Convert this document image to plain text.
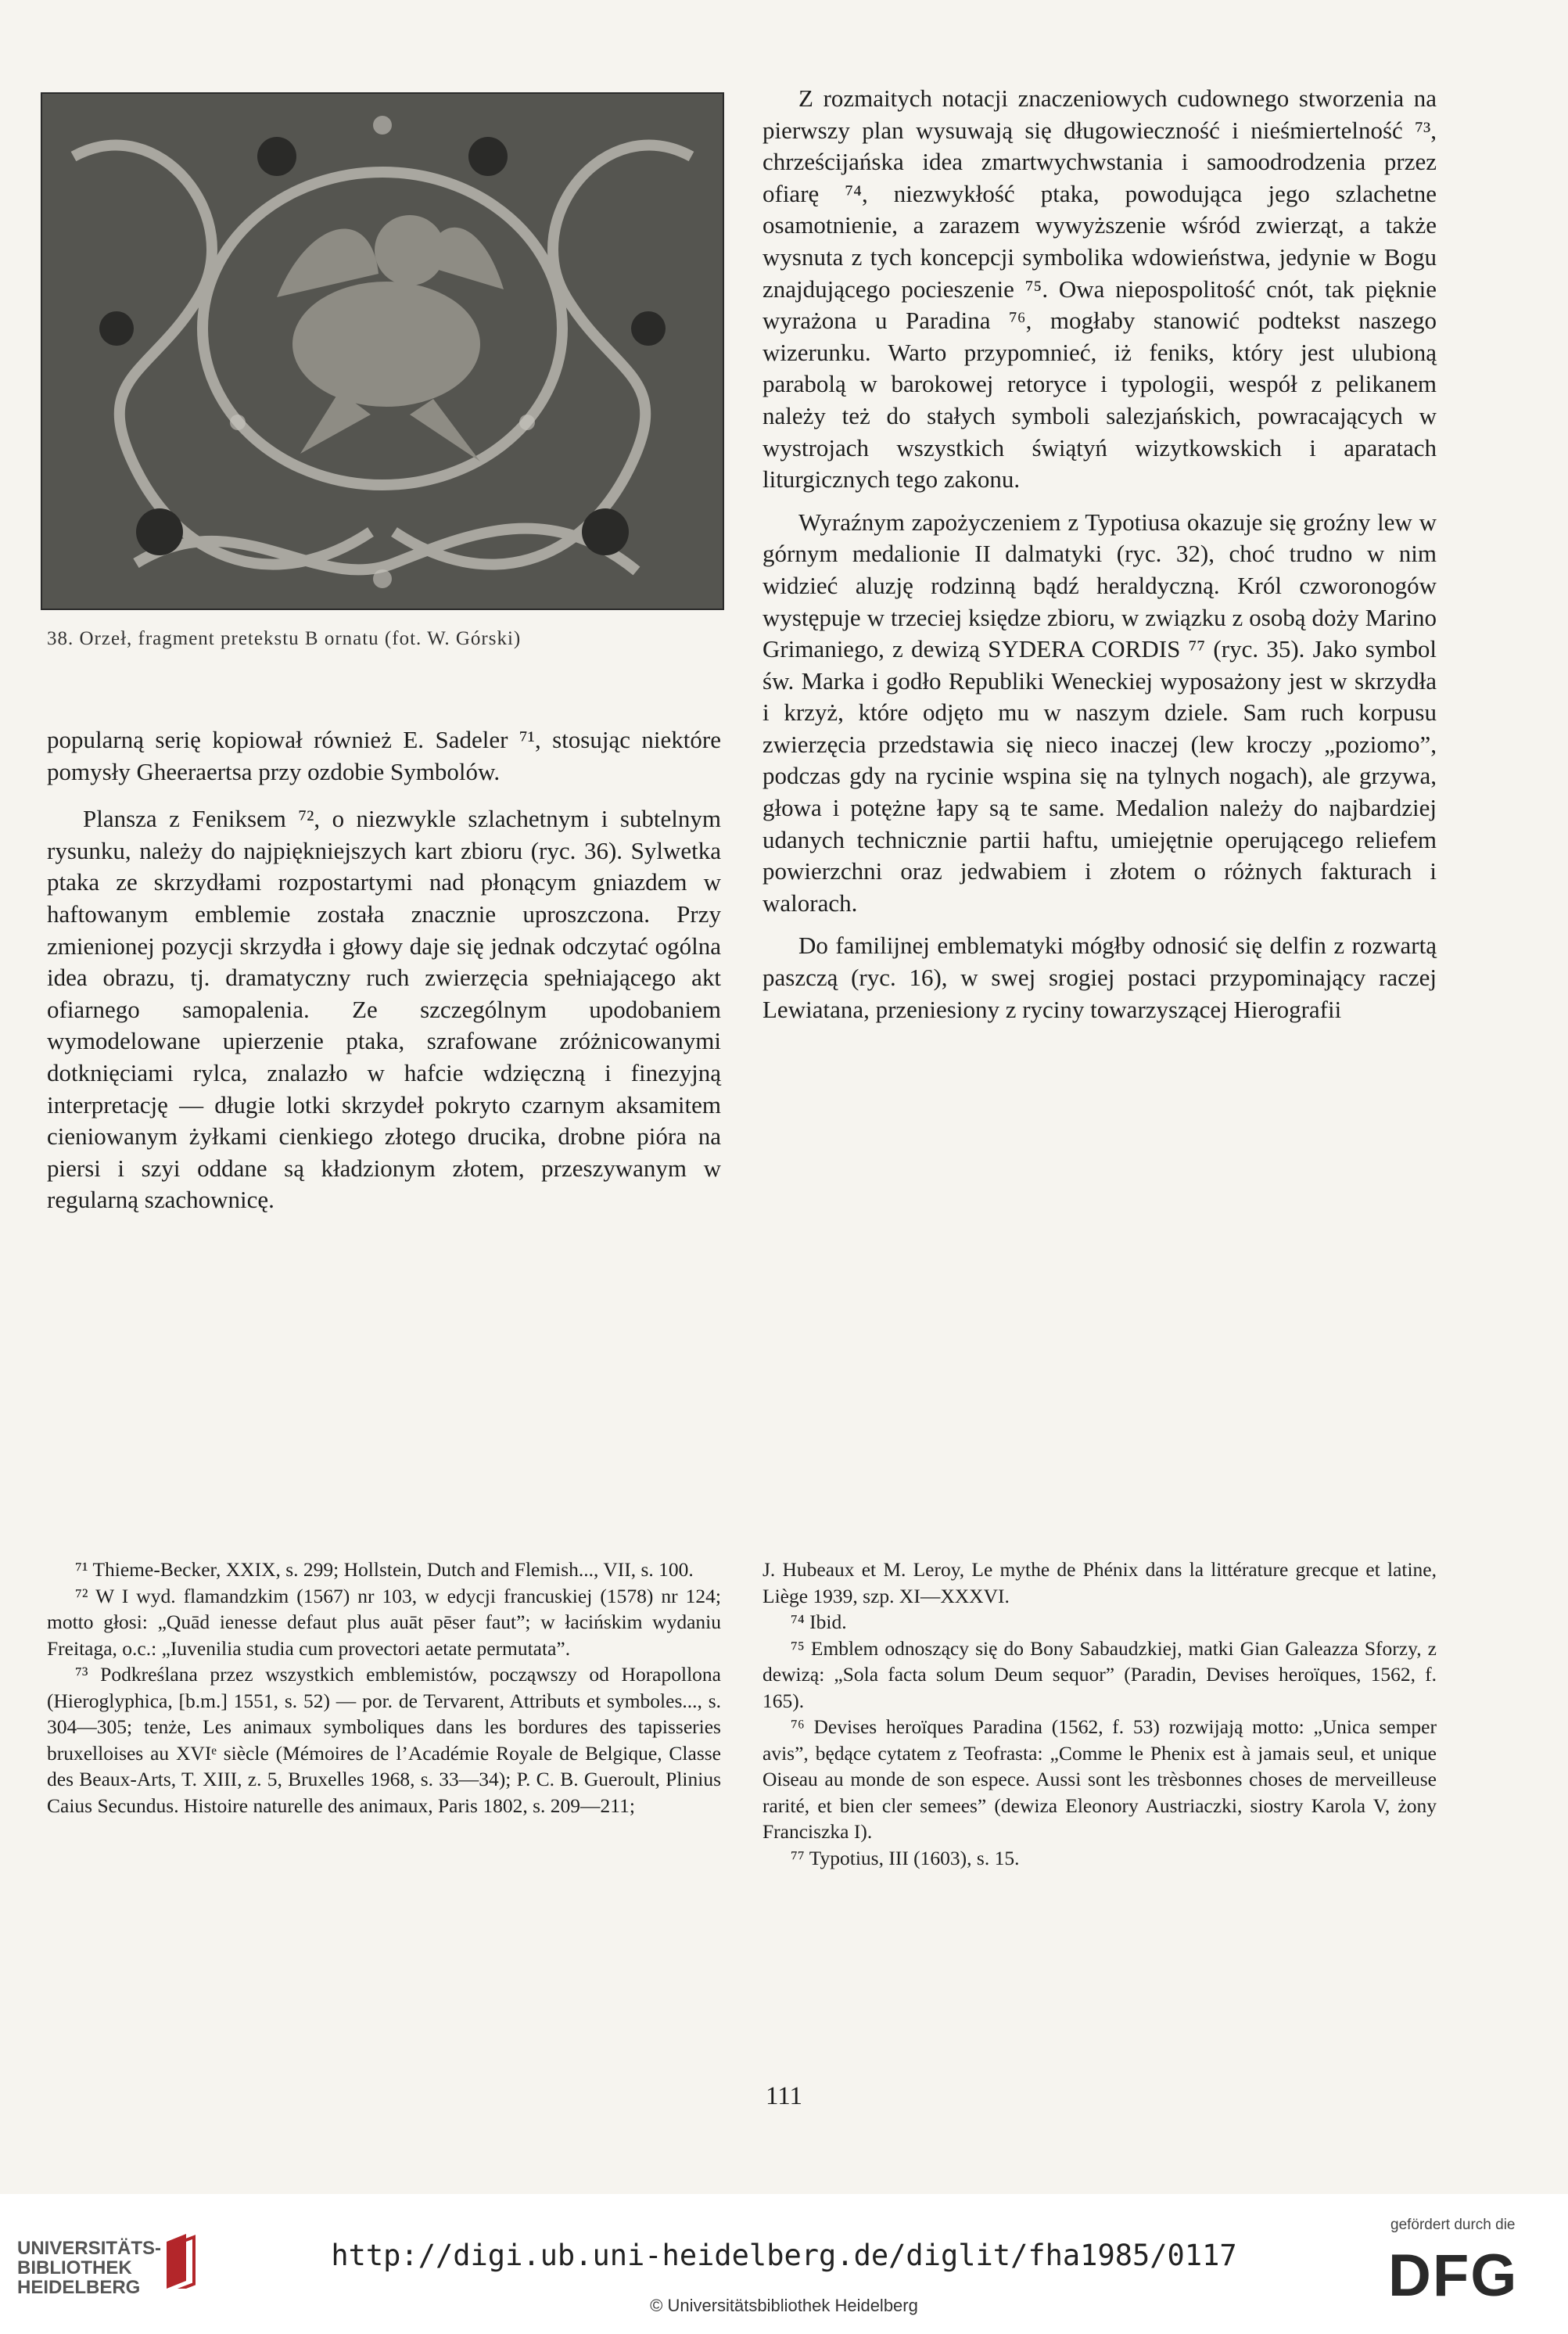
38. Orzeł, fragment pretekstu B ornatu (fot. W. Górski)

popularną serię kopiował również E. Sadeler ⁷¹, stosując niektóre pomysły Gheeraertsa przy ozdobie Symbolów.

Plansza z Feniksem ⁷², o niezwykle szlachetnym i subtelnym rysunku, należy do najpiękniejszych kart zbioru (ryc. 36). Sylwetka ptaka ze skrzydłami rozpostartymi nad płonącym gniazdem w haftowanym emblemie została znacznie uproszczona. Przy zmienionej pozycji skrzydła i głowy daje się jednak odczytać ogólna idea obrazu, tj. dramatyczny ruch zwierzęcia spełniającego akt ofiarnego samopalenia. Ze szczególnym upodobaniem wymodelowane upierzenie ptaka, szrafowane zróżnicowanymi dotknięciami rylca, znalazło w hafcie wdzięczną i finezyjną interpretację — długie lotki skrzydeł pokryto czarnym aksamitem cieniowanym żyłkami cienkiego złotego drucika, drobne pióra na piersi i szyi oddane są kładzionym złotem, przeszywanym w regularną szachownicę.

Z rozmaitych notacji znaczeniowych cudownego stworzenia na pierwszy plan wysuwają się długowieczność i nieśmiertelność ⁷³, chrześcijańska idea zmartwychwstania i samoodrodzenia przez ofiarę ⁷⁴, niezwykłość ptaka, powodująca jego szlachetne osamotnienie, a zarazem wywyższenie wśród zwierząt, a także wysnuta z tych koncepcji symbolika wdowieństwa, jedynie w Bogu znajdującego pocieszenie ⁷⁵. Owa niepospolitość cnót, tak pięknie wyrażona u Paradina ⁷⁶, mogłaby stanowić podtekst naszego wizerunku. Warto przypomnieć, iż feniks, który jest ulubioną parabolą w barokowej retoryce i typologii, wespół z pelikanem należy też do stałych symboli salezjańskich, powracających w wystrojach wszystkich świątyń wizytkowskich i aparatach liturgicznych tego zakonu.

Wyraźnym zapożyczeniem z Typotiusa okazuje się groźny lew w górnym medalionie II dalmatyki (ryc. 32), choć trudno w nim widzieć aluzję rodzinną bądź heraldyczną. Król czworonogów występuje w trzeciej księdze zbioru, w związku z osobą doży Marino Grimaniego, z dewizą SYDERA CORDIS ⁷⁷ (ryc. 35). Jako symbol św. Marka i godło Republiki Weneckiej wyposażony jest w skrzydła i krzyż, które odjęto mu w naszym dziele. Sam ruch korpusu zwierzęcia przedstawia się nieco inaczej (lew kroczy „poziomo”, podczas gdy na rycinie wspina się na tylnych nogach), ale grzywa, głowa i potężne łapy są te same. Medalion należy do najbardziej udanych technicznie partii haftu, umiejętnie operującego reliefem powierzchni oraz jedwabiem i złotem o różnych fakturach i walorach.

Do familijnej emblematyki mógłby odnosić się delfin z rozwartą paszczą (ryc. 16), w swej srogiej postaci przypominający raczej Lewiatana, przeniesiony z ryciny towarzyszącej Hierografii

⁷¹ Thieme-Becker, XXIX, s. 299; Hollstein, Dutch and Flemish..., VII, s. 100.

⁷² W I wyd. flamandzkim (1567) nr 103, w edycji francuskiej (1578) nr 124; motto głosi: „Quād ienesse defaut plus auāt pēser faut”; w łacińskim wydaniu Freitaga, o.c.: „Iuvenilia studia cum provectori aetate permutata”.

⁷³ Podkreślana przez wszystkich emblemistów, począwszy od Horapollona (Hieroglyphica, [b.m.] 1551, s. 52) — por. de Tervarent, Attributs et symboles..., s. 304—305; tenże, Les animaux symboliques dans les bordures des tapisseries bruxelloises au XVIᵉ siècle (Mémoires de l’Académie Royale de Belgique, Classe des Beaux-Arts, T. XIII, z. 5, Bruxelles 1968, s. 33—34); P. C. B. Gueroult, Plinius Caius Secundus. Histoire naturelle des animaux, Paris 1802, s. 209—211;

J. Hubeaux et M. Leroy, Le mythe de Phénix dans la littérature grecque et latine, Liège 1939, szp. XI—XXXVI.

⁷⁴ Ibid.

⁷⁵ Emblem odnoszący się do Bony Sabaudzkiej, matki Gian Galeazza Sforzy, z dewizą: „Sola facta solum Deum sequor” (Paradin, Devises heroïques, 1562, f. 165).

⁷⁶ Devises heroïques Paradina (1562, f. 53) rozwijają motto: „Unica semper avis”, będące cytatem z Teofrasta: „Comme le Phenix est à jamais seul, et unique Oiseau au monde de son espece. Aussi sont les trèsbonnes choses de merveilleuse rarité, et bien cler semees” (dewiza Eleonory Austriaczki, siostry Karola V, żony Franciszka I).

⁷⁷ Typotius, III (1603), s. 15.

111
UNIVERSITÄTS-
BIBLIOTHEK
HEIDELBERG
http://digi.ub.uni-heidelberg.de/diglit/fha1985/0117
© Universitätsbibliothek Heidelberg
gefördert durch die
DFG
